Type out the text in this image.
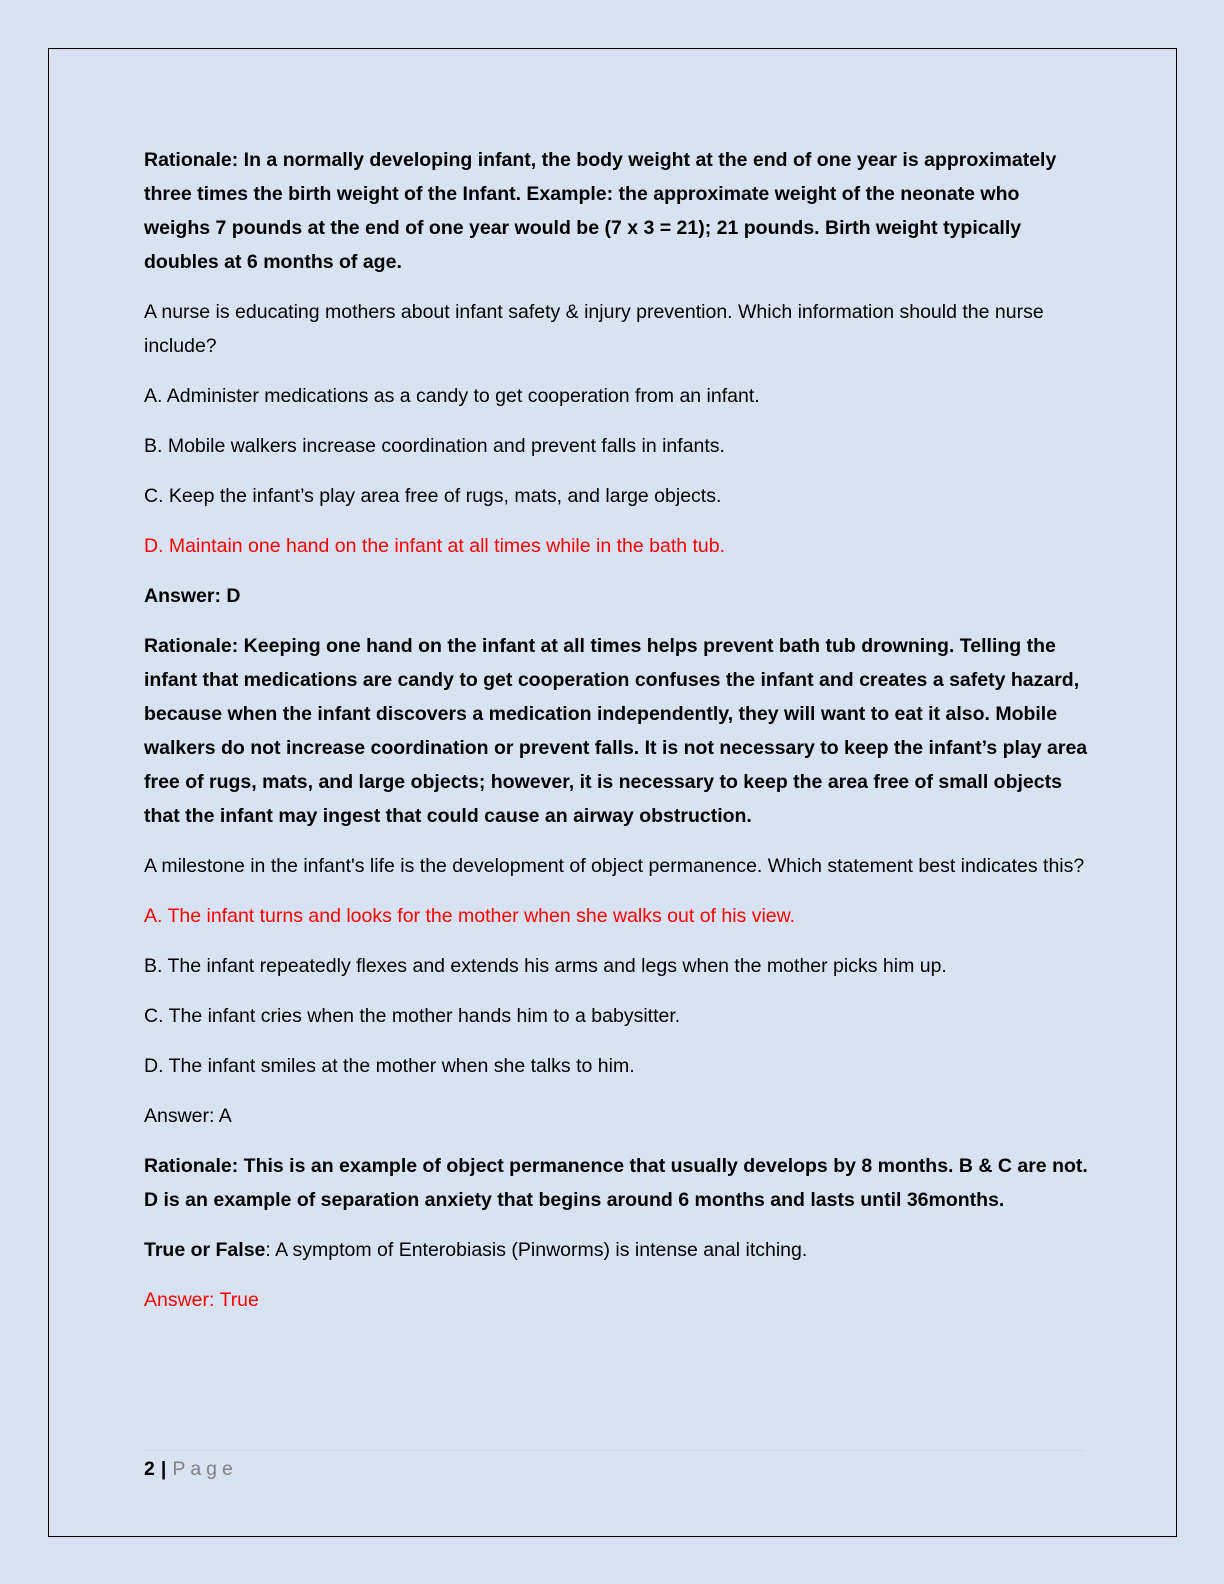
Rationale: In a normally developing infant, the body weight at the end of one year is approximately three times the birth weight of the Infant. Example: the approximate weight of the neonate who weighs 7 pounds at the end of one year would be (7 x 3 = 21); 21 pounds. Birth weight typically doubles at 6 months of age.

A nurse is educating mothers about infant safety & injury prevention. Which information should the nurse include?

A. Administer medications as a candy to get cooperation from an infant.

B. Mobile walkers increase coordination and prevent falls in infants.

C. Keep the infant’s play area free of rugs, mats, and large objects.

D. Maintain one hand on the infant at all times while in the bath tub.

Answer: D

Rationale: Keeping one hand on the infant at all times helps prevent bath tub drowning. Telling the infant that medications are candy to get cooperation confuses the infant and creates a safety hazard, because when the infant discovers a medication independently, they will want to eat it also. Mobile walkers do not increase coordination or prevent falls. It is not necessary to keep the infant’s play area free of rugs, mats, and large objects; however, it is necessary to keep the area free of small objects that the infant may ingest that could cause an airway obstruction.

A milestone in the infant's life is the development of object permanence. Which statement best indicates this?

A. The infant turns and looks for the mother when she walks out of his view.

B. The infant repeatedly flexes and extends his arms and legs when the mother picks him up.

C. The infant cries when the mother hands him to a babysitter.

D. The infant smiles at the mother when she talks to him.

Answer: A

Rationale: This is an example of object permanence that usually develops by 8 months. B & C are not. D is an example of separation anxiety that begins around 6 months and lasts until 36months.

True or False: A symptom of Enterobiasis (Pinworms) is intense anal itching.

Answer: True

2 | Page
